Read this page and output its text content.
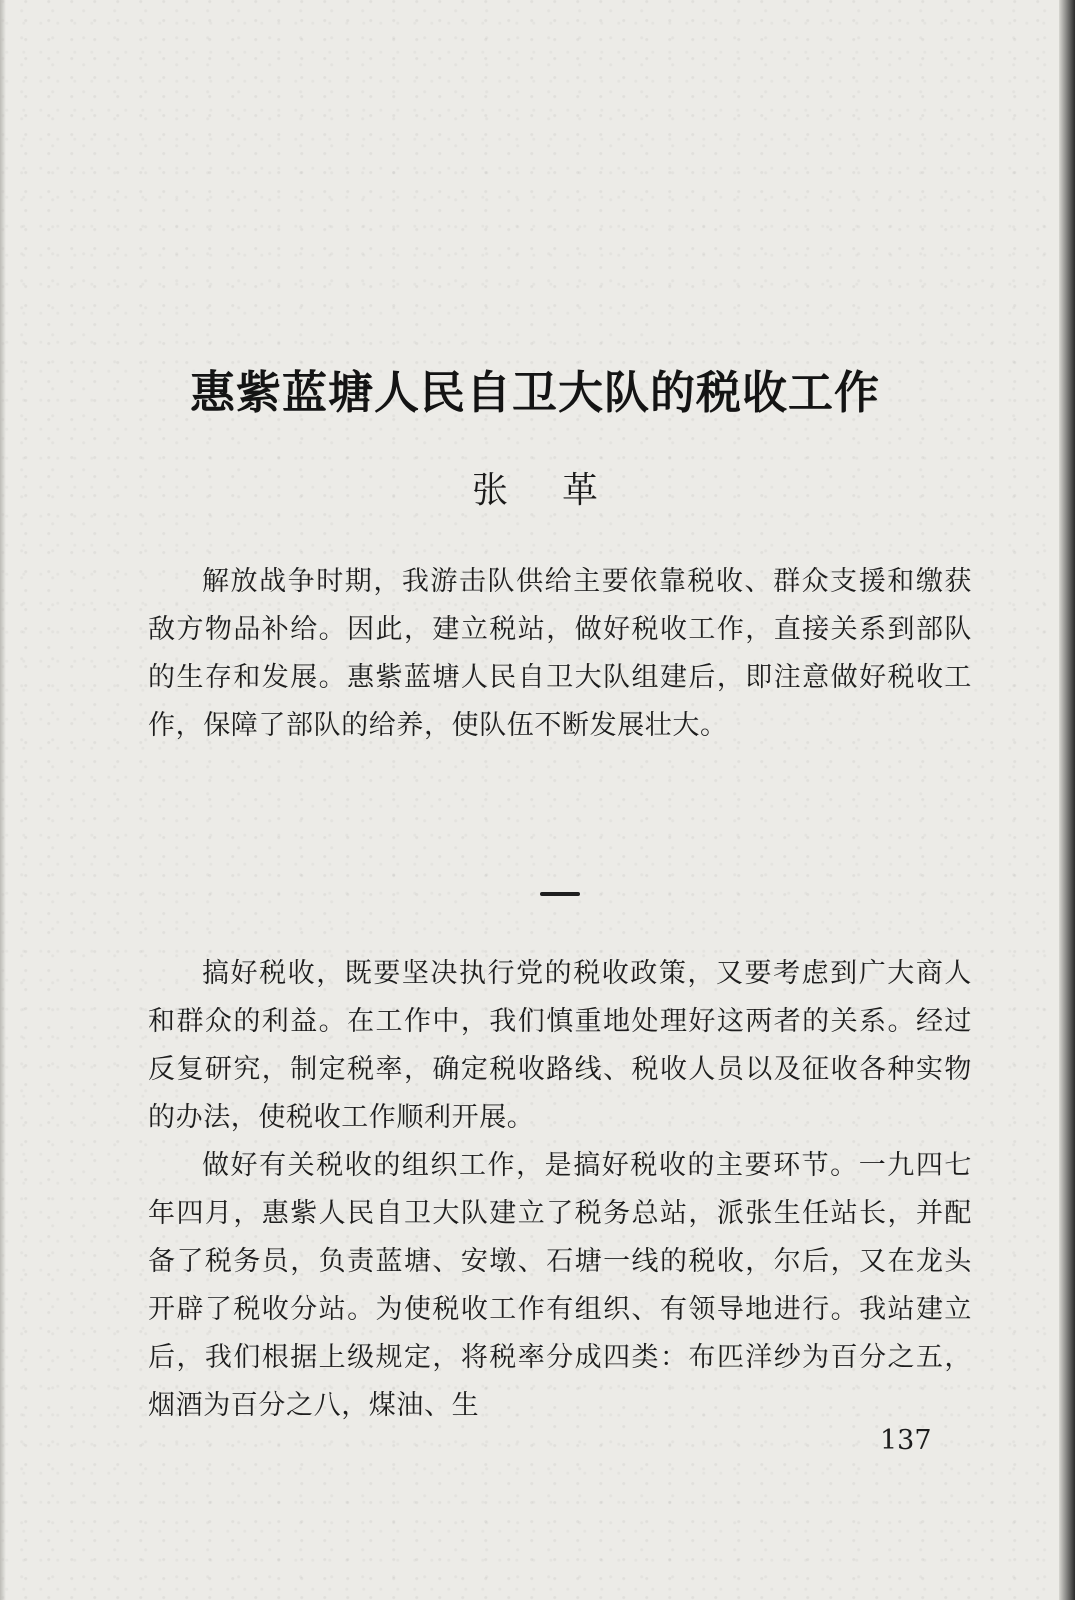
惠紫蓝塘人民自卫大队的税收工作
张革

解放战争时期，我游击队供给主要依靠税收、群众支援和缴获敌方物品补给。因此，建立税站，做好税收工作，直接关系到部队的生存和发展。惠紫蓝塘人民自卫大队组建后，即注意做好税收工作，保障了部队的给养，使队伍不断发展壮大。

搞好税收，既要坚决执行党的税收政策，又要考虑到广大商人和群众的利益。在工作中，我们慎重地处理好这两者的关系。经过反复研究，制定税率，确定税收路线、税收人员以及征收各种实物的办法，使税收工作顺利开展。

做好有关税收的组织工作，是搞好税收的主要环节。一九四七年四月，惠紫人民自卫大队建立了税务总站，派张生任站长，并配备了税务员，负责蓝塘、安墩、石塘一线的税收，尔后，又在龙头开辟了税收分站。为使税收工作有组织、有领导地进行。我站建立后，我们根据上级规定，将税率分成四类：布匹洋纱为百分之五，烟酒为百分之八，煤油、生

137
